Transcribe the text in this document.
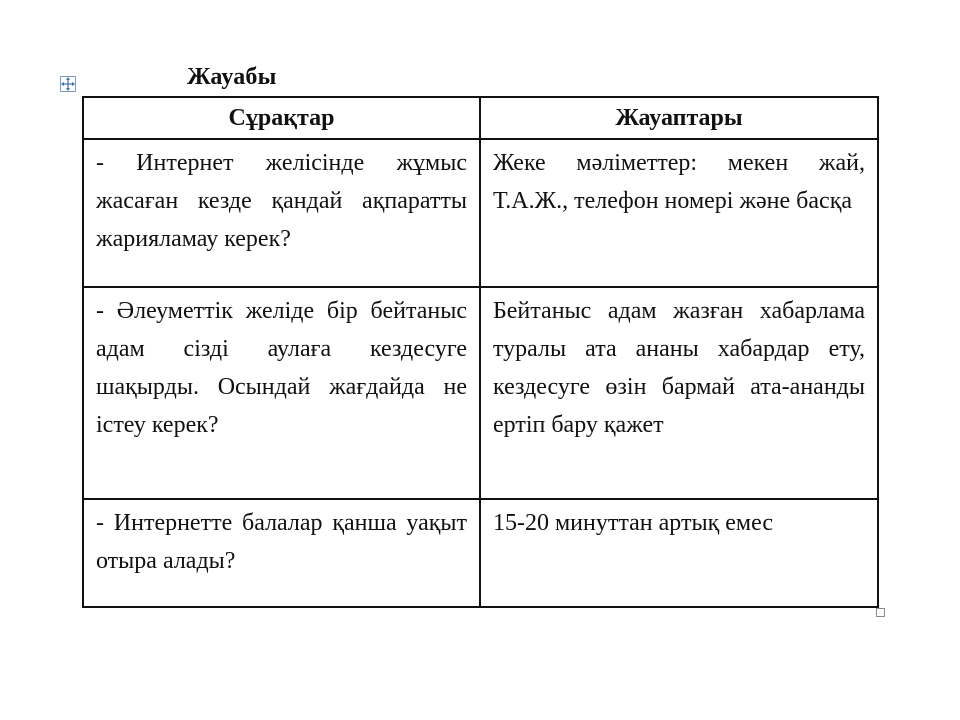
Жауабы
Сұрақтар	Жауаптары
- Интернет желісінде жұмыс жасаған кезде қандай ақпаратты жарияламау керек?	Жеке мәліметтер: мекен жай, Т.А.Ж., телефон номері және басқа
- Әлеуметтік желіде бір бейтаныс адам сізді аулаға кездесуге шақырды. Осындай жағдайда не істеу керек?	Бейтаныс адам жазған хабарлама туралы ата ананы хабардар ету, кездесуге өзін бармай ата-ананды ертіп бару қажет
- Интернетте балалар қанша уақыт отыра алады?	15-20 минуттан артық емес
